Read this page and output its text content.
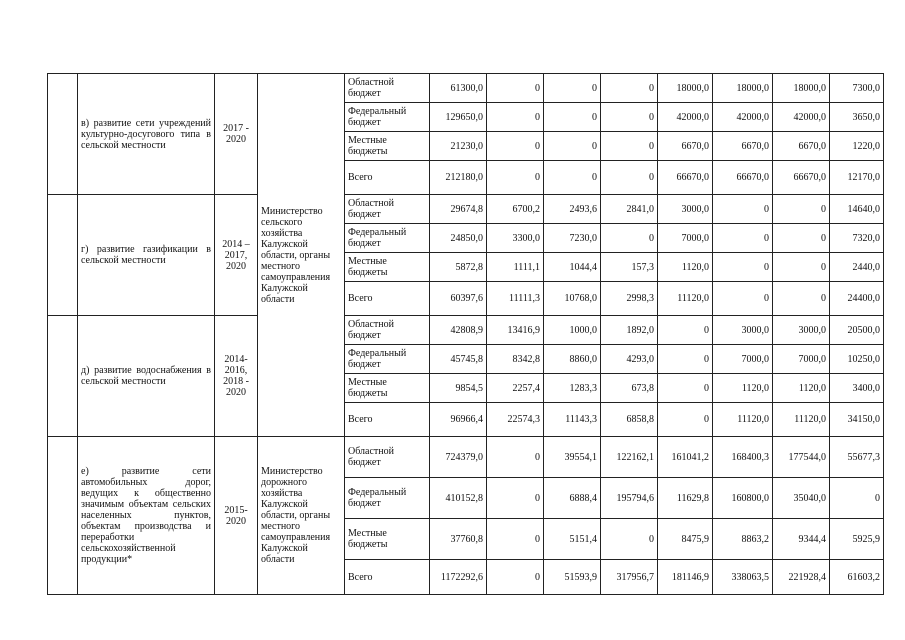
	в) развитие сети учреждений культурно-досугового типа в сельской местности	2017 - 2020	Министерство сельского хозяйства Калужской области, органы местного самоуправления Калужской области	Областной бюджет	61300,0	0	0	0	18000,0	18000,0	18000,0	7300,0
				Федеральный бюджет	129650,0	0	0	0	42000,0	42000,0	42000,0	3650,0
				Местные бюджеты	21230,0	0	0	0	6670,0	6670,0	6670,0	1220,0
				Всего	212180,0	0	0	0	66670,0	66670,0	66670,0	12170,0
	г) развитие газификации в сельской местности	2014 – 2017, 2020		Областной бюджет	29674,8	6700,2	2493,6	2841,0	3000,0	0	0	14640,0
				Федеральный бюджет	24850,0	3300,0	7230,0	0	7000,0	0	0	7320,0
				Местные бюджеты	5872,8	1111,1	1044,4	157,3	1120,0	0	0	2440,0
				Всего	60397,6	11111,3	10768,0	2998,3	11120,0	0	0	24400,0
	д) развитие водоснабжения в сельской местности	2014- 2016, 2018 - 2020		Областной бюджет	42808,9	13416,9	1000,0	1892,0	0	3000,0	3000,0	20500,0
				Федеральный бюджет	45745,8	8342,8	8860,0	4293,0	0	7000,0	7000,0	10250,0
				Местные бюджеты	9854,5	2257,4	1283,3	673,8	0	1120,0	1120,0	3400,0
				Всего	96966,4	22574,3	11143,3	6858,8	0	11120,0	11120,0	34150,0
	е) развитие сети автомобильных дорог, ведущих к общественно значимым объектам сельских населенных пунктов, объектам производства и переработки сельскохозяйственной продукции*	2015- 2020	Министерство дорожного хозяйства Калужской области, органы местного самоуправления Калужской области	Областной бюджет	724379,0	0	39554,1	122162,1	161041,2	168400,3	177544,0	55677,3
				Федеральный бюджет	410152,8	0	6888,4	195794,6	11629,8	160800,0	35040,0	0
				Местные бюджеты	37760,8	0	5151,4	0	8475,9	8863,2	9344,4	5925,9
				Всего	1172292,6	0	51593,9	317956,7	181146,9	338063,5	221928,4	61603,2
